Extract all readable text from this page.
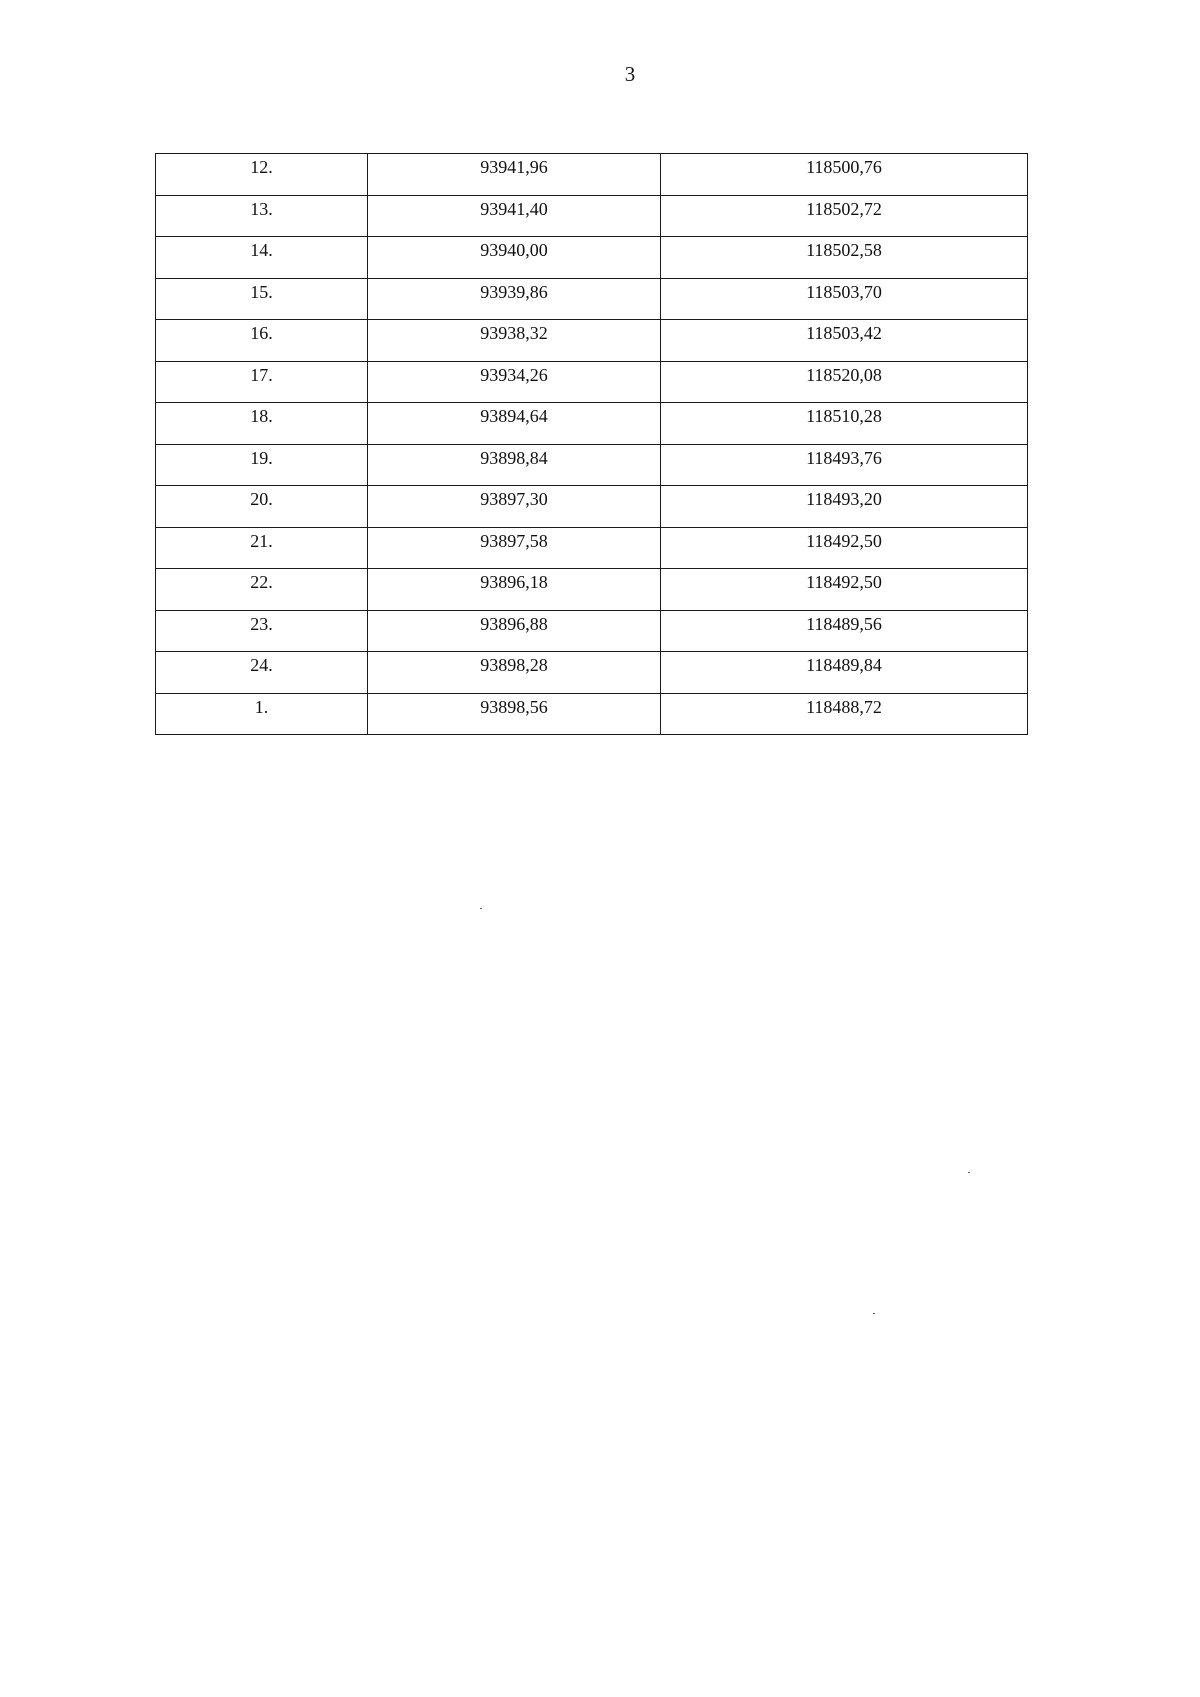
3
12.	93941,96	118500,76
13.	93941,40	118502,72
14.	93940,00	118502,58
15.	93939,86	118503,70
16.	93938,32	118503,42
17.	93934,26	118520,08
18.	93894,64	118510,28
19.	93898,84	118493,76
20.	93897,30	118493,20
21.	93897,58	118492,50
22.	93896,18	118492,50
23.	93896,88	118489,56
24.	93898,28	118489,84
1.	93898,56	118488,72
